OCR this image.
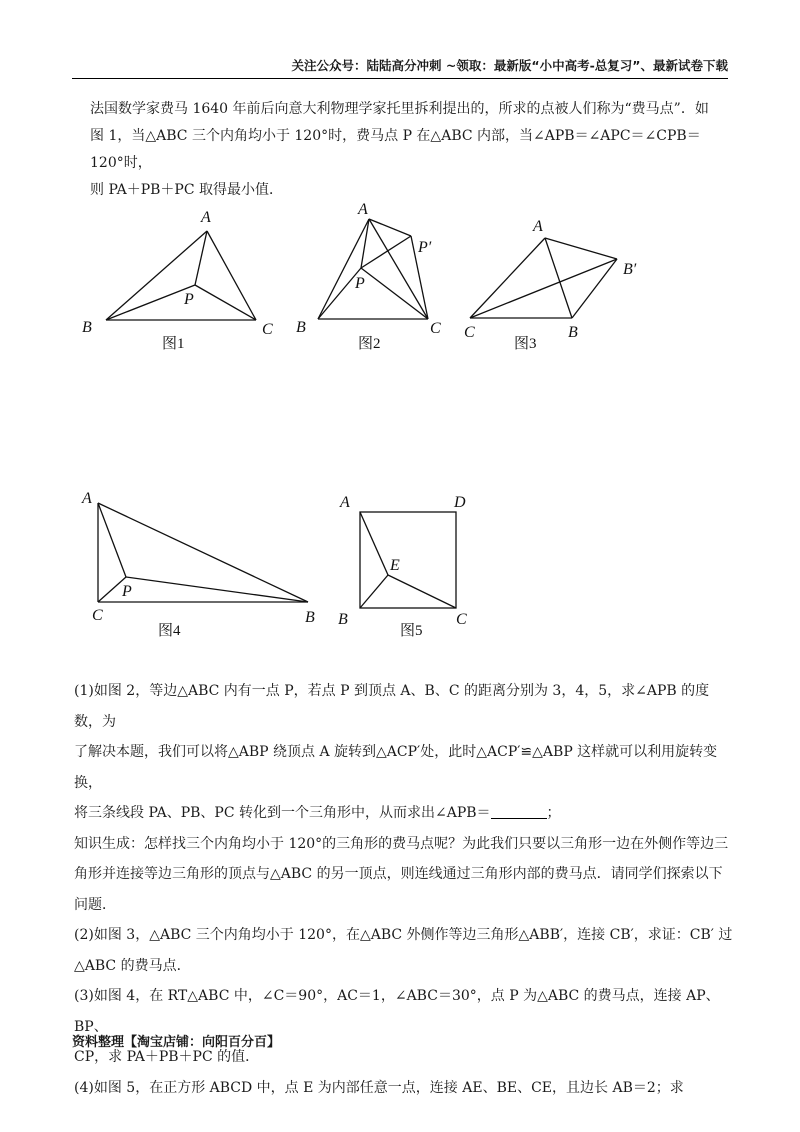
关注公众号：陆陆高分冲刺 ~领取：最新版“小中高考-总复习”、最新试卷下载

法国数学家费马 1640 年前后向意大利物理学家托里拆利提出的，所求的点被人们称为“费马点”．如

图 1，当△ABC 三个内角均小于 120°时，费马点 P 在△ABC 内部，当∠APB＝∠APC＝∠CPB＝120°时，

则 PA＋PB＋PC 取得最小值．

A
B	C
P
图1
A
P′
P
B	C
图2
A
B′
C	B
图3
A
P
C	B
图4
A	D
E
B	C
图5

(1)如图 2，等边△ABC 内有一点 P，若点 P 到顶点 A、B、C 的距离分别为 3，4，5，求∠APB 的度数，为

了解决本题，我们可以将△ABP 绕顶点 A 旋转到△ACP′处，此时△ACP′≌△ABP 这样就可以利用旋转变换，

将三条线段 PA、PB、PC 转化到一个三角形中，从而求出∠APB＝	；

知识生成：怎样找三个内角均小于 120°的三角形的费马点呢？为此我们只要以三角形一边在外侧作等边三

角形并连接等边三角形的顶点与△ABC 的另一顶点，则连线通过三角形内部的费马点．请同学们探索以下

问题．

(2)如图 3，△ABC 三个内角均小于 120°，在△ABC 外侧作等边三角形△ABB′，连接 CB′，求证：CB′ 过

△ABC 的费马点．

(3)如图 4，在 RT△ABC 中，∠C＝90°，AC＝1，∠ABC＝30°，点 P 为△ABC 的费马点，连接 AP、BP、

CP，求 PA＋PB＋PC 的值．

(4)如图 5，在正方形 ABCD 中，点 E 为内部任意一点，连接 AE、BE、CE，且边长 AB＝2；求

资料整理【淘宝店铺：向阳百分百】
